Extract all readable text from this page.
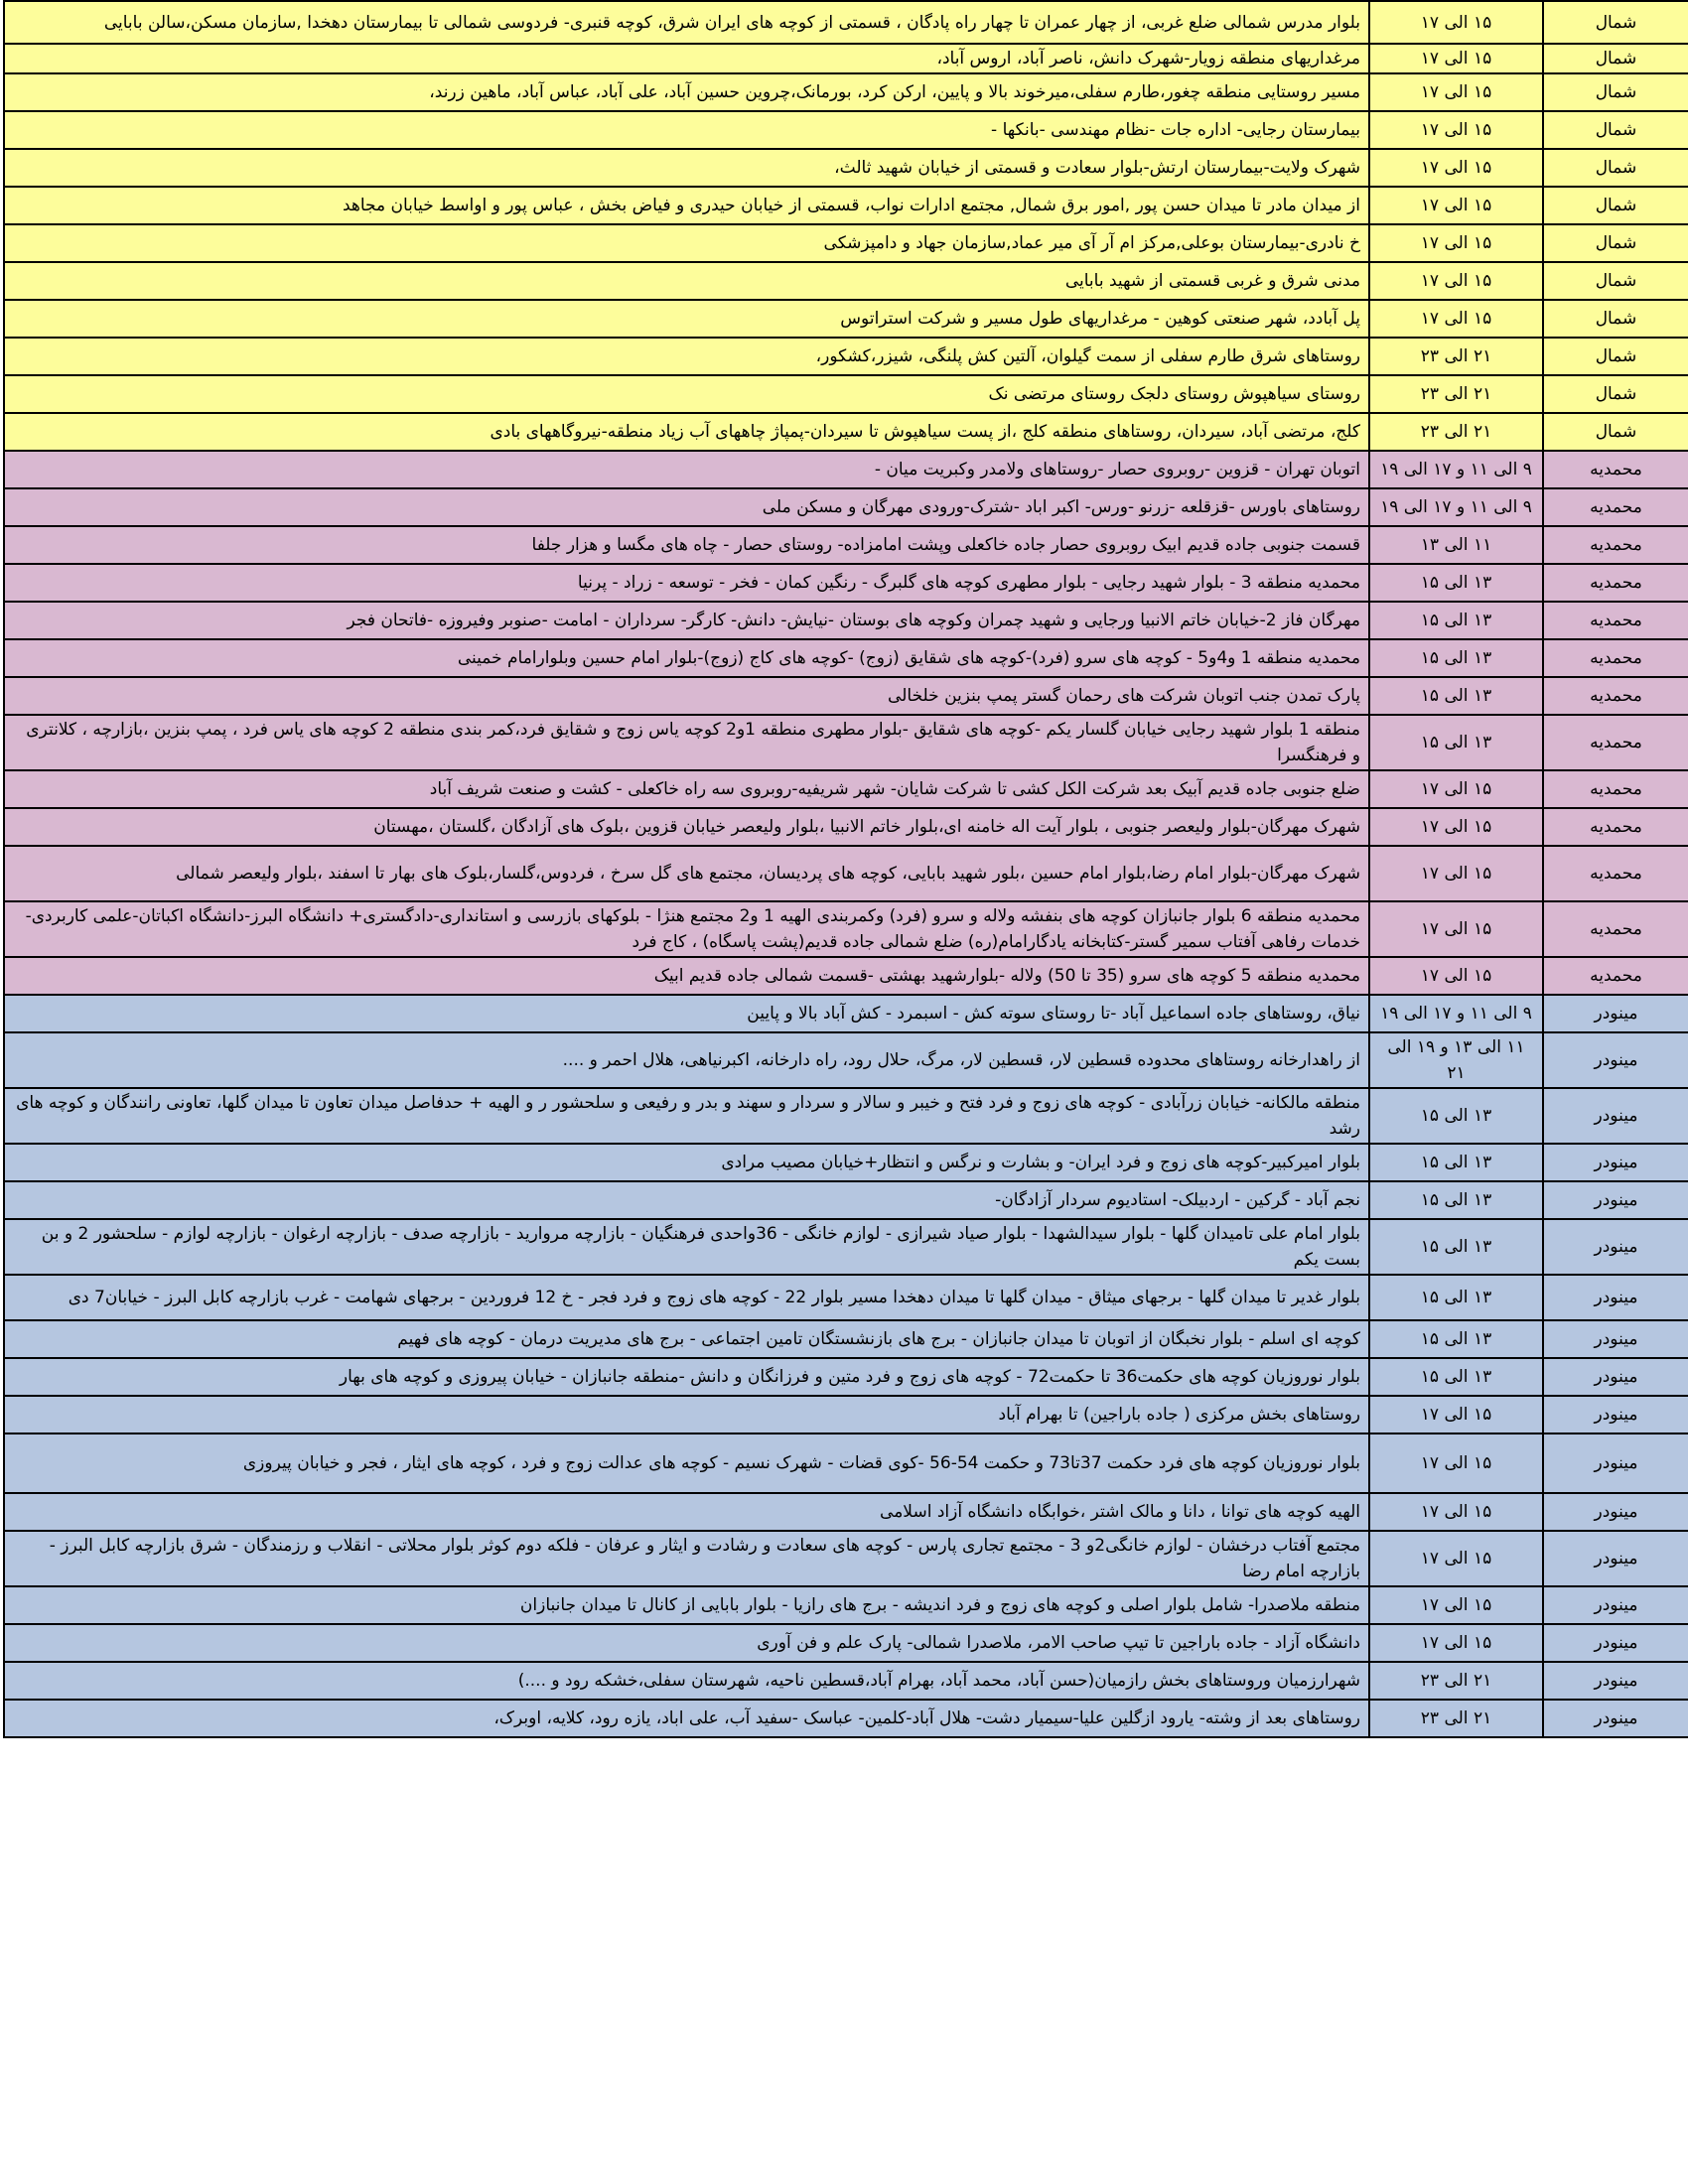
شمال	۱۵ الی ۱۷	بلوار مدرس شمالی ضلع غربی، از چهار عمران تا چهار راه پادگان ، قسمتی از کوچه های ایران شرق، کوچه قنبری- فردوسی شمالی تا بیمارستان دهخدا ,سازمان مسکن،سالن بابایی
شمال	۱۵ الی ۱۷	مرغداریهای منطقه زویار-شهرک دانش، ناصر آباد، اروس آباد،
شمال	۱۵ الی ۱۷	مسیر روستایی منطقه چغور،طارم سفلی،میرخوند بالا و پایین، ارکن کرد، بورمانک،چروین حسین آباد، علی آباد، عباس آباد، ماهین زرند،
شمال	۱۵ الی ۱۷	بیمارستان رجایی- اداره جات -نظام مهندسی -بانکها -
شمال	۱۵ الی ۱۷	شهرک ولایت-بیمارستان ارتش-بلوار سعادت و قسمتی از خیابان شهید ثالث،
شمال	۱۵ الی ۱۷	از میدان مادر تا میدان حسن پور ,امور برق شمال, مجتمع ادارات نواب، قسمتی از خیابان حیدری و فیاض بخش ، عباس پور و اواسط خیابان مجاهد
شمال	۱۵ الی ۱۷	خ نادری-بیمارستان بوعلی,مرکز ام آر آی میر عماد,سازمان جهاد و دامپزشکی
شمال	۱۵ الی ۱۷	مدنی شرق و غربی قسمتی از شهید بابایی
شمال	۱۵ الی ۱۷	پل آبادد، شهر صنعتی کوهین - مرغداریهای طول مسیر و شرکت استراتوس
شمال	۲۱ الی ۲۳	روستاهای شرق طارم سفلی از سمت گیلوان، آلتین کش پلنگی، شیزر،کشکور،
شمال	۲۱ الی ۲۳	روستای سیاهپوش روستای دلجک روستای مرتضی نک
شمال	۲۱ الی ۲۳	کلج، مرتضی آباد، سیردان، روستاهای منطقه کلج ،از پست سیاهپوش تا سیردان-پمپاژ چاههای آب زیاد منطقه-نیروگاههای بادی
محمدیه	۹ الی ۱۱ و ۱۷ الی ۱۹	اتوبان تهران - قزوین -روبروی حصار -روستاهای ولامدر وکبریت میان -
محمدیه	۹ الی ۱۱ و ۱۷ الی ۱۹	روستاهای باورس -قزقلعه -زرنو -ورس- اکبر اباد -شترک-ورودی مهرگان و مسکن ملی
محمدیه	۱۱ الی ۱۳	قسمت جنوبی جاده قدیم ابیک روبروی حصار جاده خاکعلی وپشت امامزاده- روستای حصار - چاه های مگسا و هزار جلفا
محمدیه	۱۳ الی ۱۵	محمدیه منطقه 3 - بلوار شهید رجایی - بلوار مطهری کوچه های گلبرگ - رنگین کمان - فخر - توسعه - زراد - پرنیا
محمدیه	۱۳ الی ۱۵	مهرگان فاز 2-خیابان خاتم الانبیا ورجایی و شهید چمران وکوچه های بوستان -نیایش- دانش- کارگر- سرداران - امامت -صنوبر وفیروزه -فاتحان فجر
محمدیه	۱۳ الی ۱۵	محمدیه منطقه 1 و4و5 - کوچه های سرو (فرد)-کوچه های شقایق (زوج) -کوچه های کاج (زوج)-بلوار امام حسین وبلوارامام خمینی
محمدیه	۱۳ الی ۱۵	پارک تمدن جنب اتوبان شرکت های رحمان گستر پمپ بنزین خلخالی
محمدیه	۱۳ الی ۱۵	منطقه 1 بلوار شهید رجایی خیابان گلسار یکم -کوچه های شقایق -بلوار مطهری منطقه 1و2 کوچه یاس زوج و شقایق فرد،کمر بندی منطقه 2 کوچه های یاس فرد ، پمپ بنزین ،بازارچه ، کلانتری و فرهنگسرا
محمدیه	۱۵ الی ۱۷	ضلع جنوبی جاده قدیم آبیک بعد شرکت الکل کشی تا شرکت شایان- شهر شریفیه-روبروی سه راه خاکعلی - کشت و صنعت شریف آباد
محمدیه	۱۵ الی ۱۷	شهرک مهرگان-بلوار ولیعصر جنوبی ، بلوار آیت اله خامنه ای،بلوار خاتم الانبیا ،بلوار ولیعصر خیابان قزوین ،بلوک های آزادگان ،گلستان ،مهستان
محمدیه	۱۵ الی ۱۷	شهرک مهرگان-بلوار امام رضا،بلوار امام حسین ،بلور شهید بابایی، کوچه های پردیسان، مجتمع های گل سرخ ، فردوس،گلسار،بلوک های بهار تا اسفند ،بلوار ولیعصر شمالی
محمدیه	۱۵ الی ۱۷	محمدیه منطقه 6 بلوار جانبازان کوچه های بنفشه ولاله و سرو (فرد) وکمربندی الهیه 1 و2 مجتمع هنژا - بلوکهای بازرسی و استانداری-دادگستری+ دانشگاه البرز-دانشگاه اکباتان-علمی کاربردی-خدمات رفاهی آفتاب سمیر گستر-کتابخانه یادگارامام(ره) ضلع شمالی جاده قدیم(پشت پاسگاه) ، کاج فرد
محمدیه	۱۵ الی ۱۷	محمدیه منطقه 5 کوچه های سرو (35 تا 50) ولاله -بلوارشهید بهشتی -قسمت شمالی جاده قدیم ابیک
مینودر	۹ الی ۱۱ و ۱۷ الی ۱۹	نیاق، روستاهای جاده اسماعیل آباد -تا روستای سوته کش - اسبمرد - کش آباد بالا و پایین
مینودر	۱۱ الی ۱۳ و ۱۹ الی ۲۱	از راهدارخانه روستاهای محدوده قسطین لار، قسطین لار، مرگ، حلال رود، راه دارخانه، اکبرنیاهی، هلال احمر و ....
مینودر	۱۳ الی ۱۵	منطقه مالکانه- خیابان زرآبادی - کوچه های زوج و فرد فتح و خیبر و سالار و سردار و سهند و بدر و رفیعی و سلحشور ر و الهیه + حدفاصل میدان تعاون تا میدان گلها، تعاونی رانندگان و کوچه های رشد
مینودر	۱۳ الی ۱۵	بلوار امیرکبیر-کوچه های زوج و فرد ایران- و بشارت و نرگس و انتظار+خیابان مصیب مرادی
مینودر	۱۳ الی ۱۵	نجم آباد - گرکین - اردبیلک- استادیوم سردار آزادگان-
مینودر	۱۳ الی ۱۵	بلوار امام علی تامیدان گلها - بلوار سیدالشهدا - بلوار صیاد شیرازی - لوازم خانگی - 36واحدی فرهنگیان - بازارچه مرواريد - بازارچه صدف - بازارچه ارغوان - بازارچه لوازم - سلحشور 2 و بن بست یکم
مینودر	۱۳ الی ۱۵	بلوار غدیر تا میدان گلها - برجهای میثاق - میدان گلها تا میدان دهخدا مسیر بلوار 22 - کوچه های زوج و فرد فجر - خ 12 فروردین - برجهای شهامت - غرب بازارچه کابل البرز - خیابان7 دی
مینودر	۱۳ الی ۱۵	کوچه ای اسلم - بلوار نخبگان از اتوبان تا میدان جانبازان - برج های بازنشستگان تامین اجتماعی - برج های مدیریت درمان - کوچه های فهیم
مینودر	۱۳ الی ۱۵	بلوار نوروزیان کوچه های حکمت36 تا حکمت72 - کوچه های زوج و فرد متین و فرزانگان و دانش -منطقه جانبازان - خیابان پیروزی و کوچه های بهار
مینودر	۱۵ الی ۱۷	روستاهای بخش مرکزی ( جاده باراجین) تا بهرام آباد
مینودر	۱۵ الی ۱۷	بلوار نوروزیان کوچه های فرد حکمت 37تا73 و حکمت 54-56 -کوی قضات - شهرک نسیم - کوچه های عدالت زوج و فرد ، کوچه های ایثار ، فجر و خیابان پیروزی
مینودر	۱۵ الی ۱۷	الهیه کوچه های توانا ، دانا و مالک اشتر ،خوابگاه دانشگاه آزاد اسلامی
مینودر	۱۵ الی ۱۷	مجتمع آفتاب درخشان - لوازم خانگی2و 3 - مجتمع تجاری پارس - کوچه های سعادت و رشادت و ایثار و عرفان - فلکه دوم کوثر بلوار محلاتی - انقلاب و رزمندگان - شرق بازارچه کابل البرز - بازارچه امام رضا
مینودر	۱۵ الی ۱۷	منطقه ملاصدرا- شامل بلوار اصلی و کوچه های زوج و فرد اندیشه - برج های رازیا - بلوار بابایی از کانال تا میدان جانبازان
مینودر	۱۵ الی ۱۷	دانشگاه آزاد - جاده باراجین تا تیپ صاحب الامر، ملاصدرا شمالی- پارک علم و فن آوری
مینودر	۲۱ الی ۲۳	شهرارزمیان وروستاهای بخش رازمیان(حسن آباد، محمد آباد، بهرام آباد،قسطین ناحیه، شهرستان سفلی،خشکه رود و ....)
مینودر	۲۱ الی ۲۳	روستاهای بعد از وشته- یارود ازگلین علیا-سیمیار دشت- هلال آباد-کلمین- عباسک -سفید آب، علی اباد، یازه رود، کلایه، اوبرک،
